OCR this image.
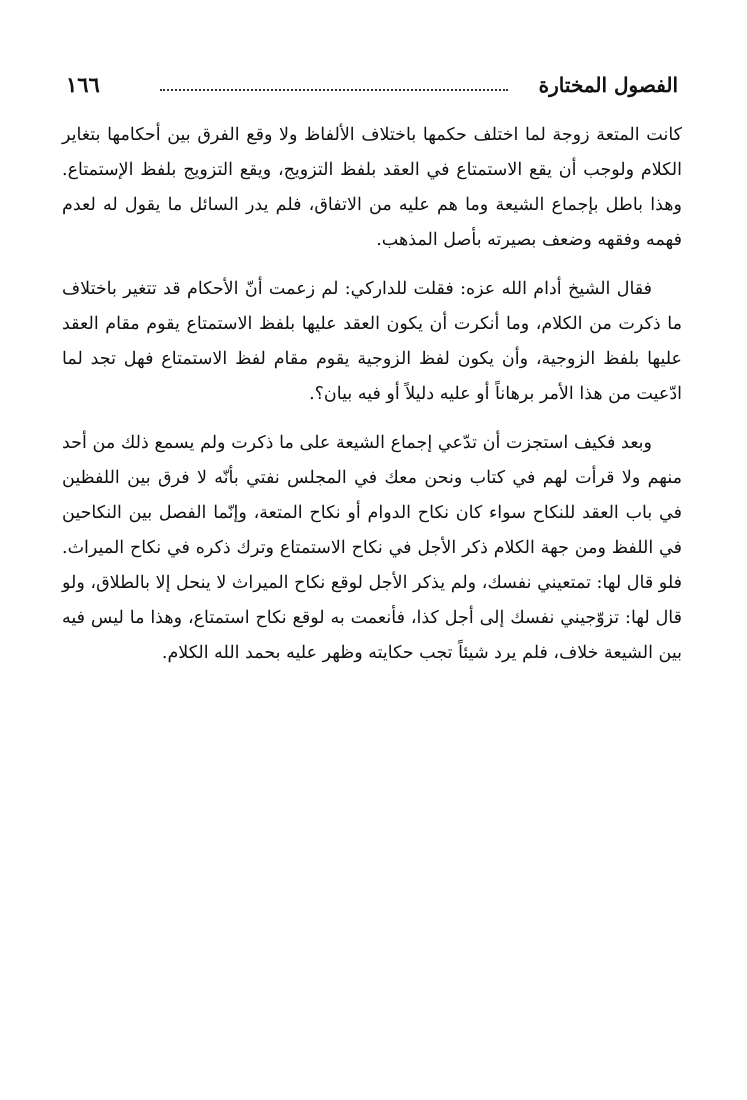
الفصول المختارة
١٦٦

كانت المتعة زوجة لما اختلف حكمها باختلاف الألفاظ ولا وقع الفرق بين أحكامها بتغاير الكلام ولوجب أن يقع الاستمتاع في العقد بلفظ التزويج، ويقع التزويج بلفظ الإستمتاع. وهذا باطل بإجماع الشيعة وما هم عليه من الاتفاق، فلم يدر السائل ما يقول له لعدم فهمه وفقهه وضعف بصيرته بأصل المذهب.

فقال الشيخ أدام الله عزه: فقلت للداركي: لم زعمت أنّ الأحكام قد تتغير باختلاف ما ذكرت من الكلام، وما أنكرت أن يكون العقد عليها بلفظ الاستمتاع يقوم مقام العقد عليها بلفظ الزوجية، وأن يكون لفظ الزوجية يقوم مقام لفظ الاستمتاع فهل تجد لما ادّعيت من هذا الأمر برهاناً أو عليه دليلاً أو فيه بيان؟.

وبعد فكيف استجزت أن تدّعي إجماع الشيعة على ما ذكرت ولم يسمع ذلك من أحد منهم ولا قرأت لهم في كتاب ونحن معك في المجلس نفتي بأنّه لا فرق بين اللفظين في باب العقد للنكاح سواء كان نكاح الدوام أو نكاح المتعة، وإنّما الفصل بين النكاحين في اللفظ ومن جهة الكلام ذكر الأجل في نكاح الاستمتاع وترك ذكره في نكاح الميراث. فلو قال لها: تمتعيني نفسك، ولم يذكر الأجل لوقع نكاح الميراث لا ينحل إلا بالطلاق، ولو قال لها: تزوّجيني نفسك إلى أجل كذا، فأنعمت به لوقع نكاح استمتاع، وهذا ما ليس فيه بين الشيعة خلاف، فلم يرد شيئاً تجب حكايته وظهر عليه بحمد الله الكلام.
